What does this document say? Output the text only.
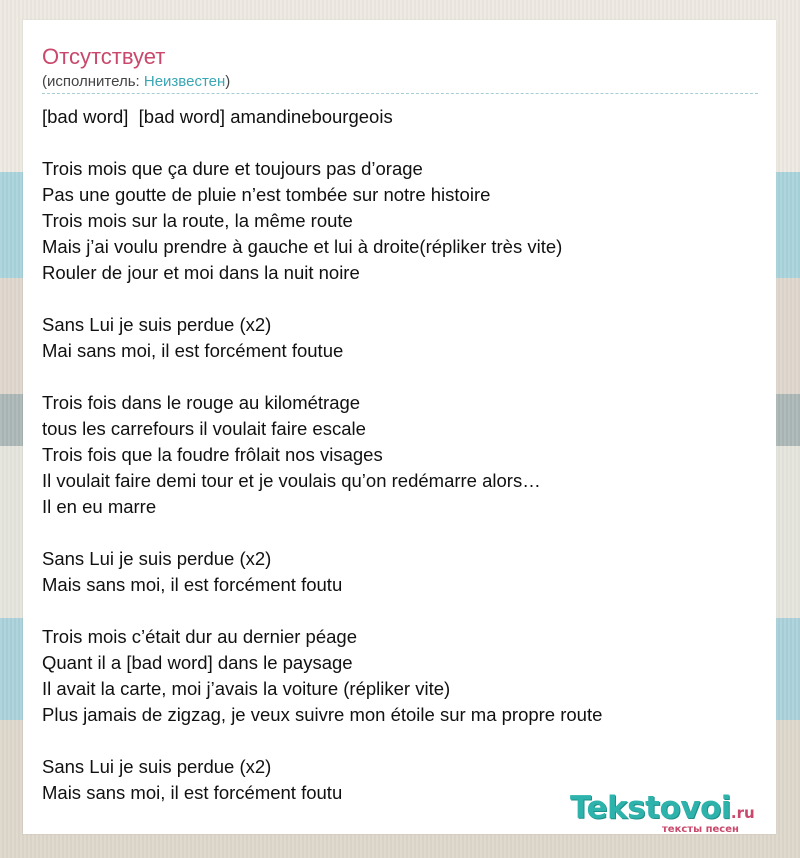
Отсутствует
(исполнитель: Неизвестен)
[bad word]  [bad word] amandinebourgeois
Trois mois que ça dure et toujours pas d’orage
Pas une goutte de pluie n’est tombée sur notre histoire
Trois mois sur la route, la même route
Mais j’ai voulu prendre à gauche et lui à droite(répliker très vite)
Rouler de jour et moi dans la nuit noire
Sans Lui je suis perdue (x2)
Mai sans moi, il est forcément foutue
Trois fois dans le rouge au kilométrage
tous les carrefours il voulait faire escale
Trois fois que la foudre frôlait nos visages
Il voulait faire demi tour et je voulais qu’on redémarre alors…
Il en eu marre
Sans Lui je suis perdue (x2)
Mais sans moi, il est forcément foutu
Trois mois c’était dur au dernier péage
Quant il a [bad word] dans le paysage
Il avait la carte, moi j’avais la voiture (répliker vite)
Plus jamais de zigzag, je veux suivre mon étoile sur ma propre route
Sans Lui je suis perdue (x2)
Mais sans moi, il est forcément foutu	Tekstovoi.ru
тексты песен
